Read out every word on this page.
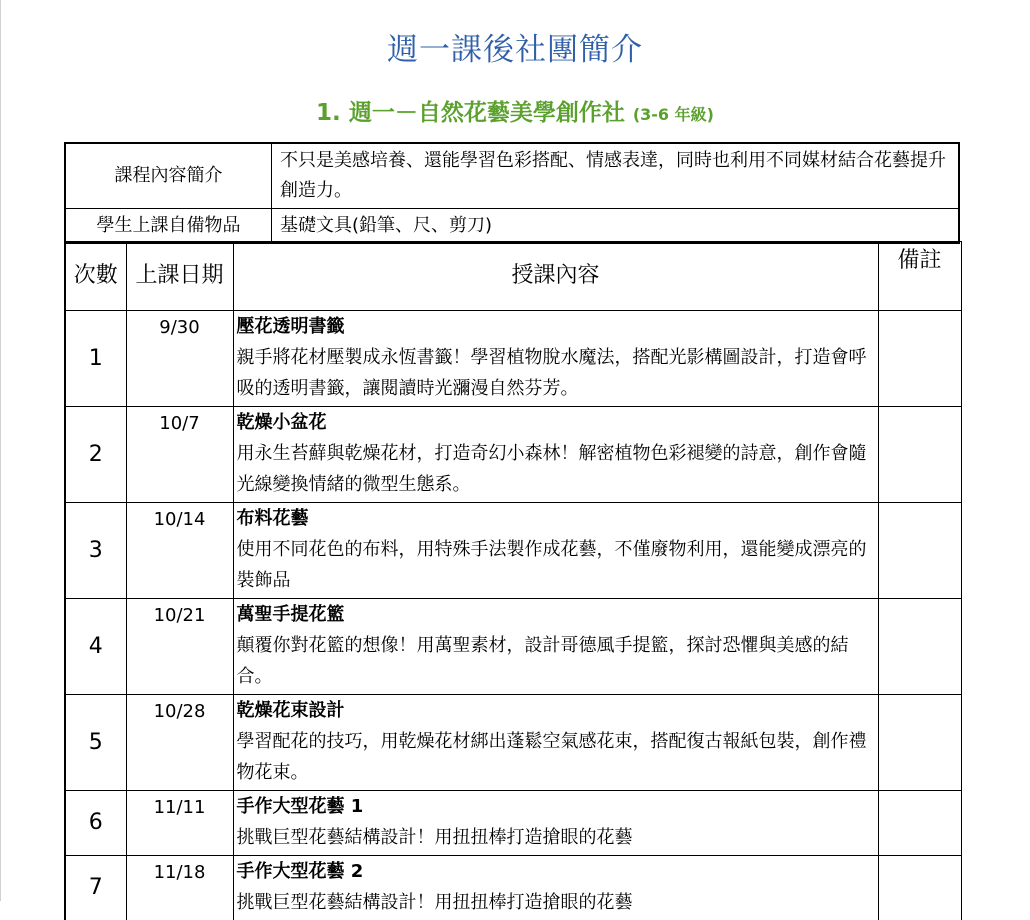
週一課後社團簡介
1. 週一－自然花藝美學創作社 (3-6 年級)
課程內容簡介	不只是美感培養、還能學習色彩搭配、情感表達，同時也利用不同媒材結合花藝提升創造力。
學生上課自備物品	基礎文具(鉛筆、尺、剪刀)
次數	上課日期	授課內容	備註
1	9/30	壓花透明書籤
親手將花材壓製成永恆書籤！學習植物脫水魔法，搭配光影構圖設計，打造會呼吸的透明書籤，讓閱讀時光瀰漫自然芬芳。	

2	10/7	乾燥小盆花
用永生苔蘚與乾燥花材，打造奇幻小森林！解密植物色彩褪變的詩意，創作會隨光線變換情緒的微型生態系。	

3	10/14	布料花藝
使用不同花色的布料，用特殊手法製作成花藝，不僅廢物利用，還能變成漂亮的裝飾品	

4	10/21	萬聖手提花籃
顛覆你對花籃的想像！用萬聖素材，設計哥德風手提籃，探討恐懼與美感的結合。	

5	10/28	乾燥花束設計
學習配花的技巧，用乾燥花材綁出蓬鬆空氣感花束，搭配復古報紙包裝，創作禮物花束。	

6	11/11	手作大型花藝 1
挑戰巨型花藝結構設計！用扭扭棒打造搶眼的花藝	

7	11/18	手作大型花藝 2
挑戰巨型花藝結構設計！用扭扭棒打造搶眼的花藝	
